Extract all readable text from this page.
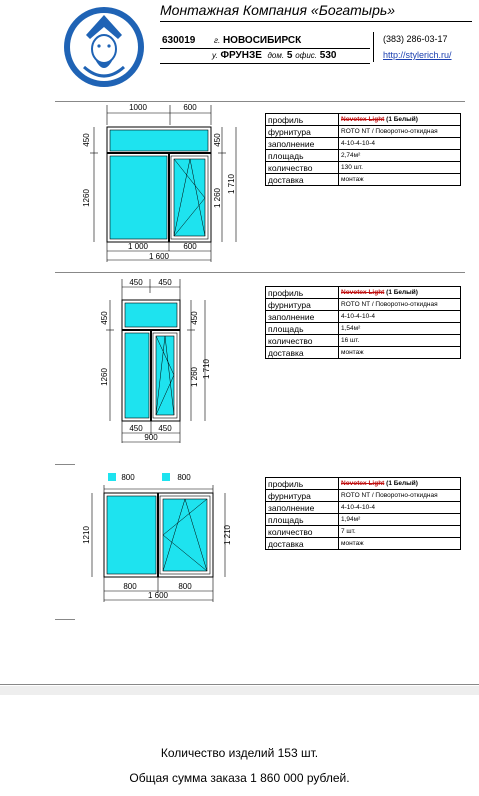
Монтажная Компания «Богатырь»
630019 г. НОВОСИБИРСК
у. ФРУНЗЕ дом. 5 офис. 530
(383) 286-03-17
http://stylerich.ru/
1000	600
450
1260
450
1 260
1 710
1 000	600
1 600
профиль	Novotex Light (1 Белый)
фурнитура	ROTO NT / Поворотно-откидная
заполнение	4-10-4-10-4
площадь	2,74м²
количество	130 шт.
доставка	монтаж
450 450
450
1260
450
1 260 1 710
450 450
900
профиль	Novotex Light (1 Белый)
фурнитура	ROTO NT / Поворотно-откидная
заполнение	4-10-4-10-4
площадь	1,54м²
количество	16 шт.
доставка	монтаж
800	800
1210	1 210
800	800
1 600
профиль	Novotex Light (1 Белый)
фурнитура	ROTO NT / Поворотно-откидная
заполнение	4-10-4-10-4
площадь	1,94м²
количество	7 шт.
доставка	монтаж
Количество изделий 153 шт.
Общая сумма заказа 1 860 000 рублей.
